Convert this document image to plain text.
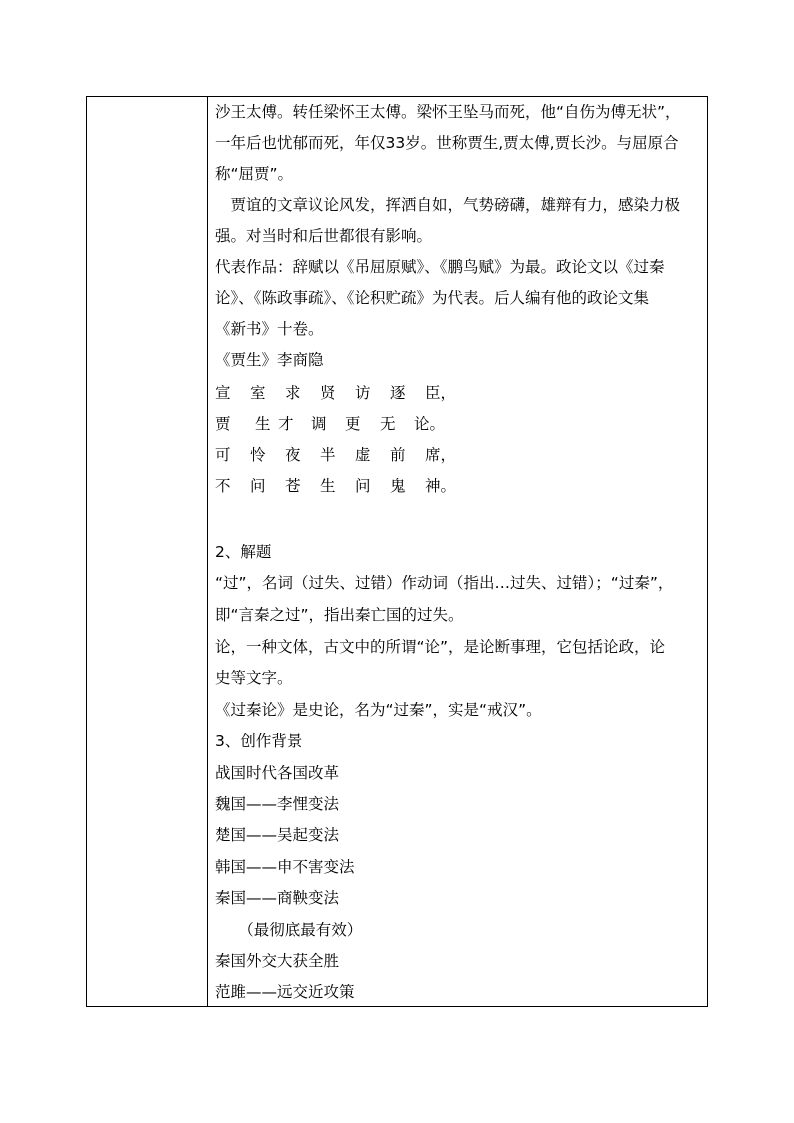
沙王太傅。转任梁怀王太傅。梁怀王坠马而死，他“自伤为傅无状”，
一年后也忧郁而死，年仅33岁。世称贾生,贾太傅,贾长沙。与屈原合
称“屈贾”。
　贾谊的文章议论风发，挥洒自如，气势磅礴，雄辩有力，感染力极
强。对当时和后世都很有影响。
代表作品：辞赋以《吊屈原赋》、《鹏鸟赋》为最。政论文以《过秦
论》、《陈政事疏》、《论积贮疏》为代表。后人编有他的政论文集
《新书》十卷。
《贾生》李商隐
宣 室 求 贤 访 逐 臣，
贾 生 才 调 更 无 论。
可 怜 夜 半 虚 前 席，
不 问 苍 生 问 鬼 神。
2、解题
“过”，名词（过失、过错）作动词（指出…过失、过错）；“过秦”，
即“言秦之过”，指出秦亡国的过失。
论，一种文体，古文中的所谓“论”，是论断事理，它包括论政，论
史等文字。
《过秦论》是史论，名为“过秦”，实是“戒汉”。
3、创作背景
战国时代各国改革
魏国——李悝变法
楚国——吴起变法
韩国——申不害变法
秦国——商鞅变法
　　（最彻底最有效）
秦国外交大获全胜
范雎——远交近攻策
